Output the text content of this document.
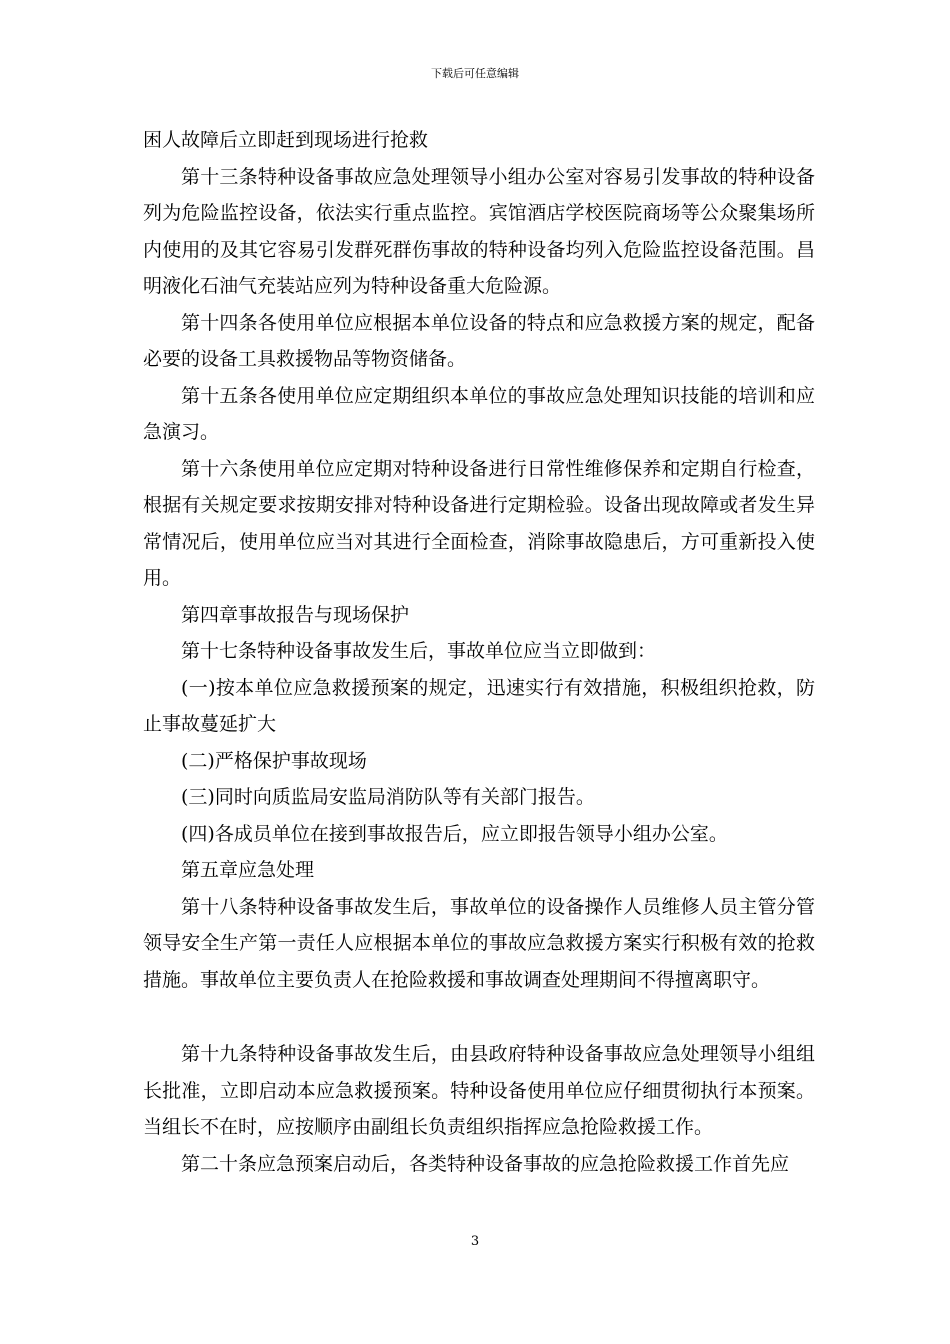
下载后可任意编辑

困人故障后立即赶到现场进行抢救

第十三条特种设备事故应急处理领导小组办公室对容易引发事故的特种设备列为危险监控设备，依法实行重点监控。宾馆酒店学校医院商场等公众聚集场所内使用的及其它容易引发群死群伤事故的特种设备均列入危险监控设备范围。昌明液化石油气充装站应列为特种设备重大危险源。

第十四条各使用单位应根据本单位设备的特点和应急救援方案的规定，配备必要的设备工具救援物品等物资储备。

第十五条各使用单位应定期组织本单位的事故应急处理知识技能的培训和应急演习。

第十六条使用单位应定期对特种设备进行日常性维修保养和定期自行检查，根据有关规定要求按期安排对特种设备进行定期检验。设备出现故障或者发生异常情况后，使用单位应当对其进行全面检查，消除事故隐患后，方可重新投入使用。

第四章事故报告与现场保护

第十七条特种设备事故发生后，事故单位应当立即做到：

(一)按本单位应急救援预案的规定，迅速实行有效措施，积极组织抢救，防止事故蔓延扩大

(二)严格保护事故现场

(三)同时向质监局安监局消防队等有关部门报告。

(四)各成员单位在接到事故报告后，应立即报告领导小组办公室。

第五章应急处理

第十八条特种设备事故发生后，事故单位的设备操作人员维修人员主管分管领导安全生产第一责任人应根据本单位的事故应急救援方案实行积极有效的抢救措施。事故单位主要负责人在抢险救援和事故调查处理期间不得擅离职守。

第十九条特种设备事故发生后，由县政府特种设备事故应急处理领导小组组长批准，立即启动本应急救援预案。特种设备使用单位应仔细贯彻执行本预案。当组长不在时，应按顺序由副组长负责组织指挥应急抢险救援工作。

第二十条应急预案启动后，各类特种设备事故的应急抢险救援工作首先应

3
